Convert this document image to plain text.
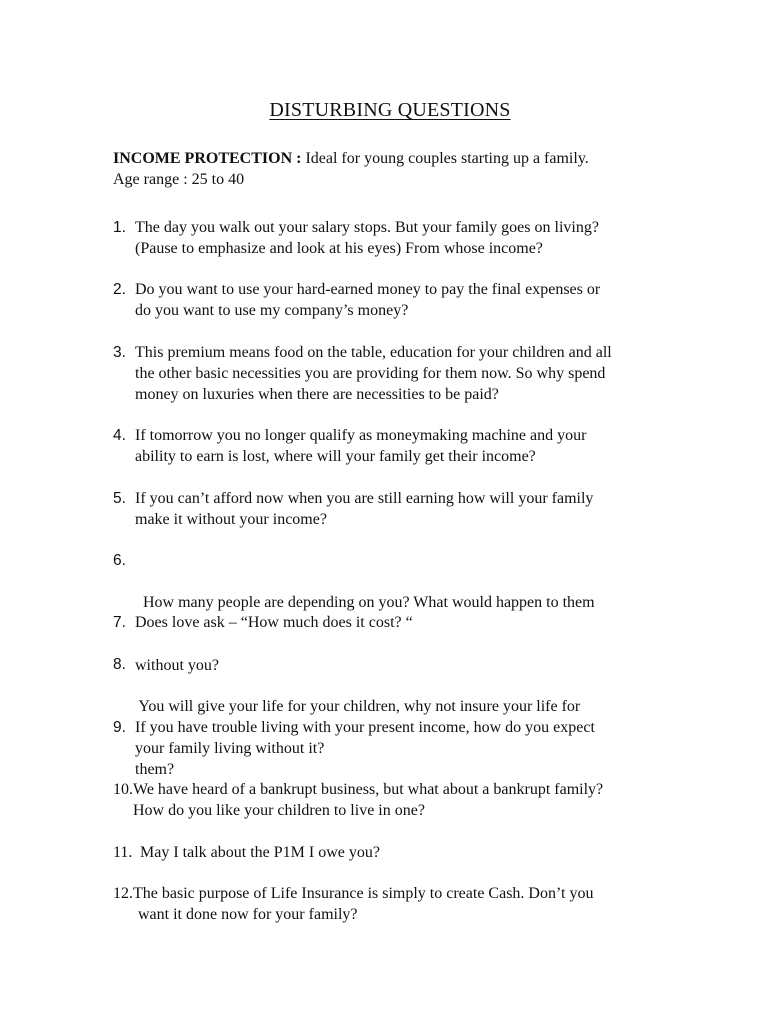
DISTURBING QUESTIONS
INCOME PROTECTION : Ideal for young couples starting up a family.
Age range : 25 to 40
1. The day you walk out your salary stops. But your family goes on living?
(Pause to emphasize and look at his eyes) From whose income?
2. Do you want to use your hard-earned money to pay the final expenses or
do you want to use my company’s money?
3. This premium means food on the table, education for your children and all
the other basic necessities you are providing for them now. So why spend
money on luxuries when there are necessities to be paid?
4. If tomorrow you no longer qualify as moneymaking machine and your
ability to earn is lost, where will your family get their income?
5. If you can’t afford now when you are still earning how will your family
make it without your income?
6.

How many people are depending on you? What would happen to them

without you?

7. Does love ask – “How much does it cost? “
8.

You will give your life for your children, why not insure your life for

them?

9. If you have trouble living with your present income, how do you expect
your family living without it?
10. We have heard of a bankrupt business, but what about a bankrupt family?
How do you like your children to live in one?
11. May I talk about the P1M I owe you?
12. The basic purpose of Life Insurance is simply to create Cash. Don’t you
want it done now for your family?
